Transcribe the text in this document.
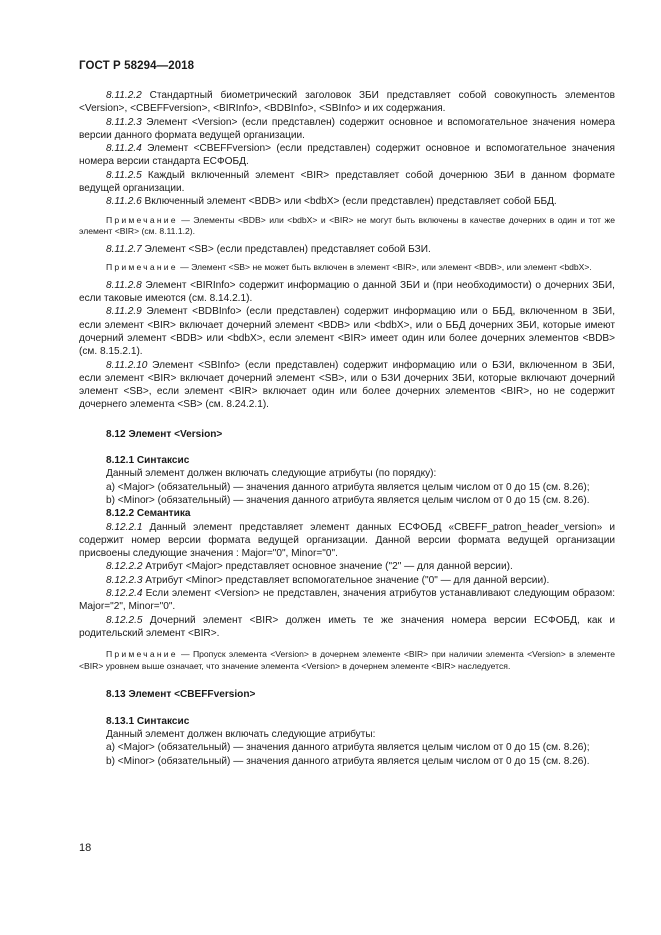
ГОСТ Р 58294—2018

8.11.2.2 Стандартный биометрический заголовок ЗБИ представляет собой совокупность элементов <Version>, <CBEFFversion>, <BIRInfo>, <BDBInfo>, <SBInfo> и их содержания.

8.11.2.3 Элемент <Version> (если представлен) содержит основное и вспомогательное значения номера версии данного формата ведущей организации.

8.11.2.4 Элемент <CBEFFversion> (если представлен) содержит основное и вспомогательное значения номера версии стандарта ЕСФОБД.

8.11.2.5 Каждый включенный элемент <BIR> представляет собой дочернюю ЗБИ в данном формате ведущей организации.

8.11.2.6 Включенный элемент <BDB> или <bdbX> (если представлен) представляет собой ББД.

Примечание — Элементы <BDB> или <bdbX> и <BIR> не могут быть включены в качестве дочерних в один и тот же элемент <BIR> (см. 8.11.1.2).

8.11.2.7 Элемент <SB> (если представлен) представляет собой БЗИ.

Примечание — Элемент <SB> не может быть включен в элемент <BIR>, или элемент <BDB>, или элемент <bdbX>.

8.11.2.8 Элемент <BIRInfo> содержит информацию о данной ЗБИ и (при необходимости) о дочерних ЗБИ, если таковые имеются (см. 8.14.2.1).

8.11.2.9 Элемент <BDBInfo> (если представлен) содержит информацию или о ББД, включенном в ЗБИ, если элемент <BIR> включает дочерний элемент <BDB> или <bdbX>, или о ББД дочерних ЗБИ, которые имеют дочерний элемент <BDB> или <bdbX>, если элемент <BIR> имеет один или более дочерних элементов <BDB> (см. 8.15.2.1).

8.11.2.10 Элемент <SBInfo> (если представлен) содержит информацию или о БЗИ, включенном в ЗБИ, если элемент <BIR> включает дочерний элемент <SB>, или о БЗИ дочерних ЗБИ, которые включают дочерний элемент <SB>, если элемент <BIR> включает один или более дочерних элементов <BIR>, но не содержит дочернего элемента <SB> (см. 8.24.2.1).

8.12 Элемент <Version>

8.12.1 Синтаксис

Данный элемент должен включать следующие атрибуты (по порядку):

a) <Major> (обязательный) — значения данного атрибута является целым числом от 0 до 15 (см. 8.26);

b) <Minor> (обязательный) — значения данного атрибута является целым числом от 0 до 15 (см. 8.26).

8.12.2 Семантика

8.12.2.1 Данный элемент представляет элемент данных ЕСФОБД «CBEFF_patron_header_version» и содержит номер версии формата ведущей организации. Данной версии формата ведущей организации присвоены следующие значения : Major="0", Minor="0".

8.12.2.2 Атрибут <Major> представляет основное значение ("2" — для данной версии).

8.12.2.3 Атрибут <Minor> представляет вспомогательное значение ("0" — для данной версии).

8.12.2.4 Если элемент <Version> не представлен, значения атрибутов устанавливают следующим образом: Major="2", Minor="0".

8.12.2.5 Дочерний элемент <BIR> должен иметь те же значения номера версии ЕСФОБД, как и родительский элемент <BIR>.

Примечание — Пропуск элемента <Version> в дочернем элементе <BIR> при наличии элемента <Version> в элементе <BIR> уровнем выше означает, что значение элемента <Version> в дочернем элементе <BIR> наследуется.

8.13 Элемент <CBEFFversion>

8.13.1 Синтаксис

Данный элемент должен включать следующие атрибуты:

a) <Major> (обязательный) — значения данного атрибута является целым числом от 0 до 15 (см. 8.26);

b) <Minor> (обязательный) — значения данного атрибута является целым числом от 0 до 15 (см. 8.26).

18
